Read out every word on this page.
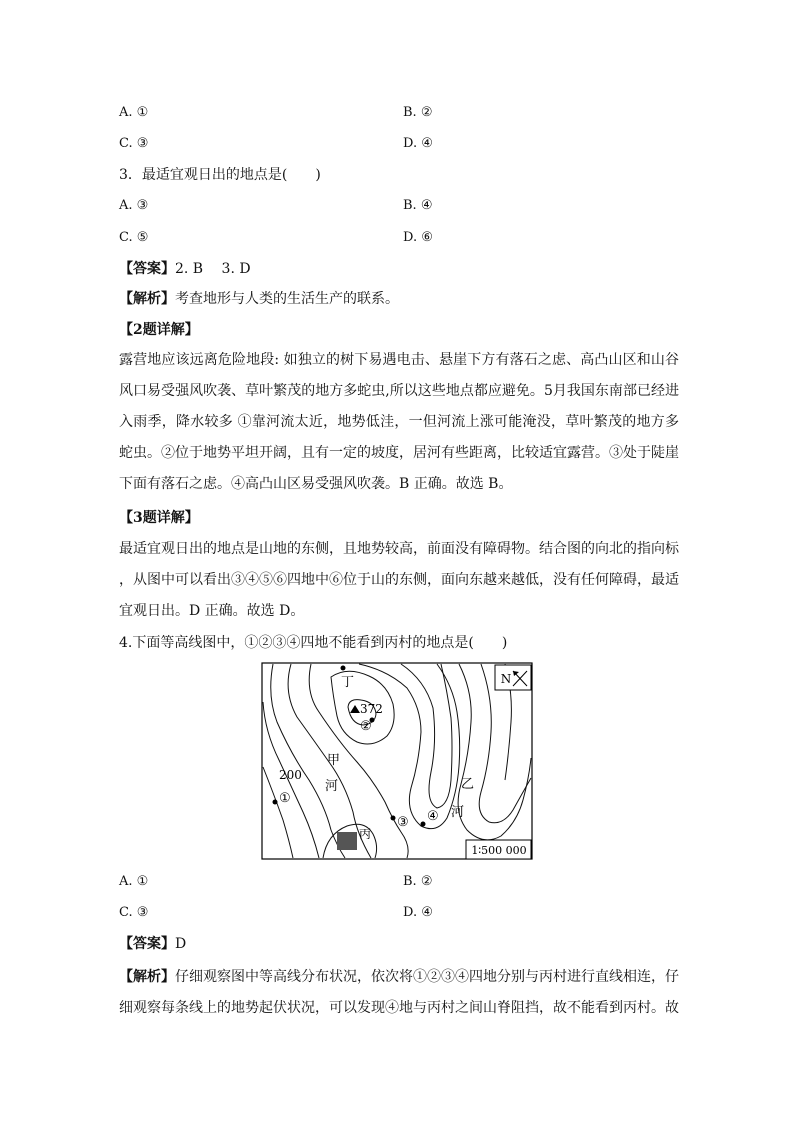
A. ①	B. ②
C. ③	D. ④
3．最适宜观日出的地点是(　　)
A. ③	B. ④
C. ⑤	D. ⑥
【答案】2. B　 3. D
【解析】考查地形与人类的生活生产的联系。
【2题详解】
露营地应该远离危险地段: 如独立的树下易遇电击、悬崖下方有落石之虑、高凸山区和山谷风口易受强风吹袭、草叶繁茂的地方多蛇虫,所以这些地点都应避免。5月我国东南部已经进入雨季，降水较多 ①靠河流太近，地势低洼，一但河流上涨可能淹没，草叶繁茂的地方多蛇虫。②位于地势平坦开阔，且有一定的坡度，居河有些距离，比较适宜露营。③处于陡崖下面有落石之虑。④高凸山区易受强风吹袭。B 正确。故选 B。
【3题详解】
最适宜观日出的地点是山地的东侧，且地势较高，前面没有障碍物。结合图的向北的指向标 ，从图中可以看出③④⑤⑥四地中⑥位于山的东侧，面向东越来越低，没有任何障碍，最适宜观日出。D 正确。故选 D。
4.下面等高线图中，①②③④四地不能看到丙村的地点是(　　)
N
1∶500 000
丙
丁
372
200
①
②
③ ④
甲
河	乙
河
A. ①	B. ②
C. ③	D. ④
【答案】D
【解析】仔细观察图中等高线分布状况，依次将①②③④四地分别与丙村进行直线相连，仔细观察每条线上的地势起伏状况，可以发现④地与丙村之间山脊阻挡，故不能看到丙村。故
